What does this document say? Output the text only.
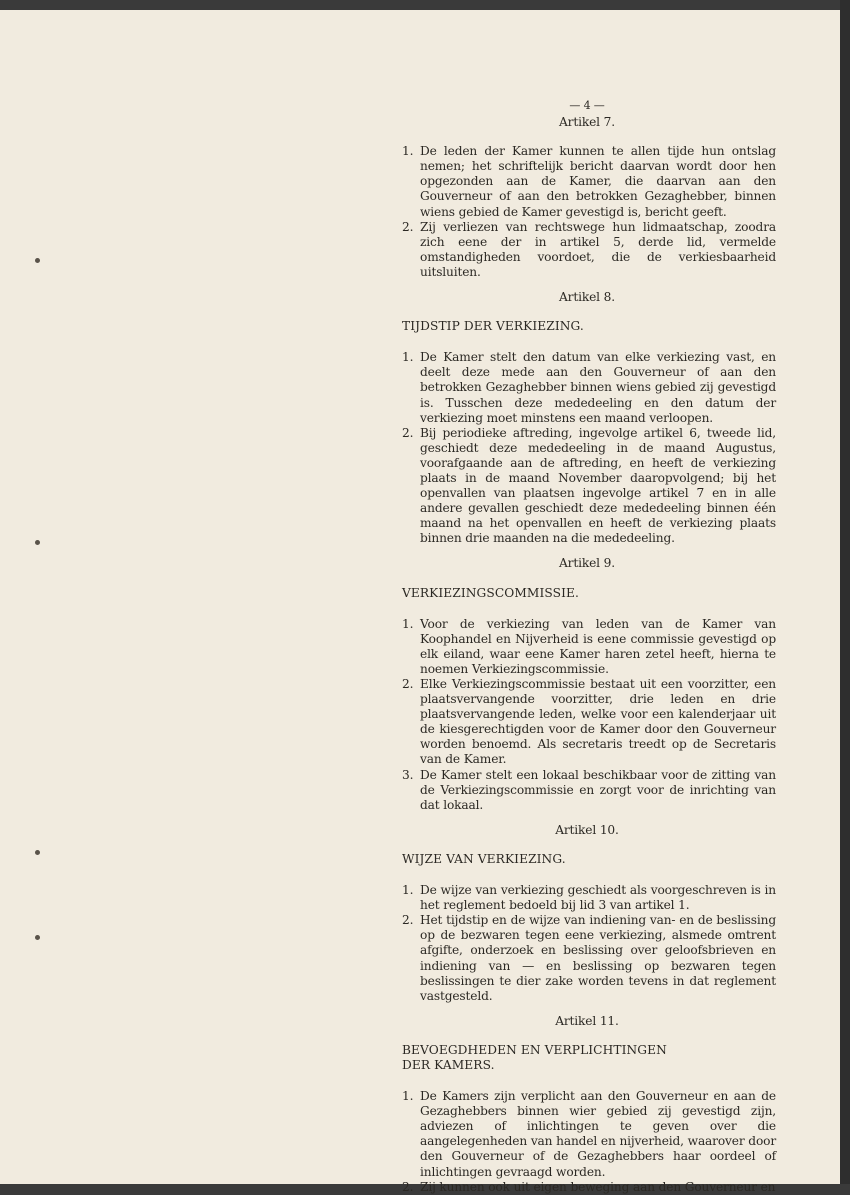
— 4 —
Artikel 7.
1. De leden der Kamer kunnen te allen tijde hun ontslag nemen; het schriftelijk bericht daarvan wordt door hen opgezonden aan de Kamer, die daarvan aan den Gouverneur of aan den betrokken Gezaghebber, binnen wiens gebied de Kamer gevestigd is, bericht geeft.
2. Zij verliezen van rechtswege hun lidmaatschap, zoodra zich eene der in artikel 5, derde lid, vermelde omstandigheden voordoet, die de verkiesbaarheid uitsluiten.
Artikel 8.
TIJDSTIP DER VERKIEZING.
1. De Kamer stelt den datum van elke verkiezing vast, en deelt deze mede aan den Gouverneur of aan den betrokken Gezaghebber binnen wiens gebied zij gevestigd is. Tusschen deze mededeeling en den datum der verkiezing moet minstens een maand verloopen.
2. Bij periodieke aftreding, ingevolge artikel 6, tweede lid, geschiedt deze mededeeling in de maand Augustus, voorafgaande aan de aftreding, en heeft de verkiezing plaats in de maand November daaropvolgend; bij het openvallen van plaatsen ingevolge artikel 7 en in alle andere gevallen geschiedt deze mededeeling binnen één maand na het openvallen en heeft de verkiezing plaats binnen drie maanden na die mededeeling.
Artikel 9.
VERKIEZINGSCOMMISSIE.
1. Voor de verkiezing van leden van de Kamer van Koophandel en Nijverheid is eene commissie gevestigd op elk eiland, waar eene Kamer haren zetel heeft, hierna te noemen Verkiezingscommissie.
2. Elke Verkiezingscommissie bestaat uit een voorzitter, een plaatsvervangende voorzitter, drie leden en drie plaatsvervangende leden, welke voor een kalenderjaar uit de kiesgerechtigden voor de Kamer door den Gouverneur worden benoemd. Als secretaris treedt op de Secretaris van de Kamer.
3. De Kamer stelt een lokaal beschikbaar voor de zitting van de Verkiezingscommissie en zorgt voor de inrichting van dat lokaal.
Artikel 10.
WIJZE VAN VERKIEZING.
1. De wijze van verkiezing geschiedt als voorgeschreven is in het reglement bedoeld bij lid 3 van artikel 1.
2. Het tijdstip en de wijze van indiening van- en de beslissing op de bezwaren tegen eene verkiezing, alsmede omtrent afgifte, onderzoek en beslissing over geloofsbrieven en indiening van — en beslissing op bezwaren tegen beslissingen te dier zake worden tevens in dat reglement vastgesteld.
Artikel 11.
BEVOEGDHEDEN EN VERPLICHTINGEN DER KAMERS.
1. De Kamers zijn verplicht aan den Gouverneur en aan de Gezaghebbers binnen wier gebied zij gevestigd zijn, adviezen of inlichtingen te geven over die aangelegenheden van handel en nijverheid, waarover door den Gouverneur of de Gezaghebbers haar oordeel of inlichtingen gevraagd worden.
2. Zij kunnen ook uit eigen beweging aan den Gouverneur en
